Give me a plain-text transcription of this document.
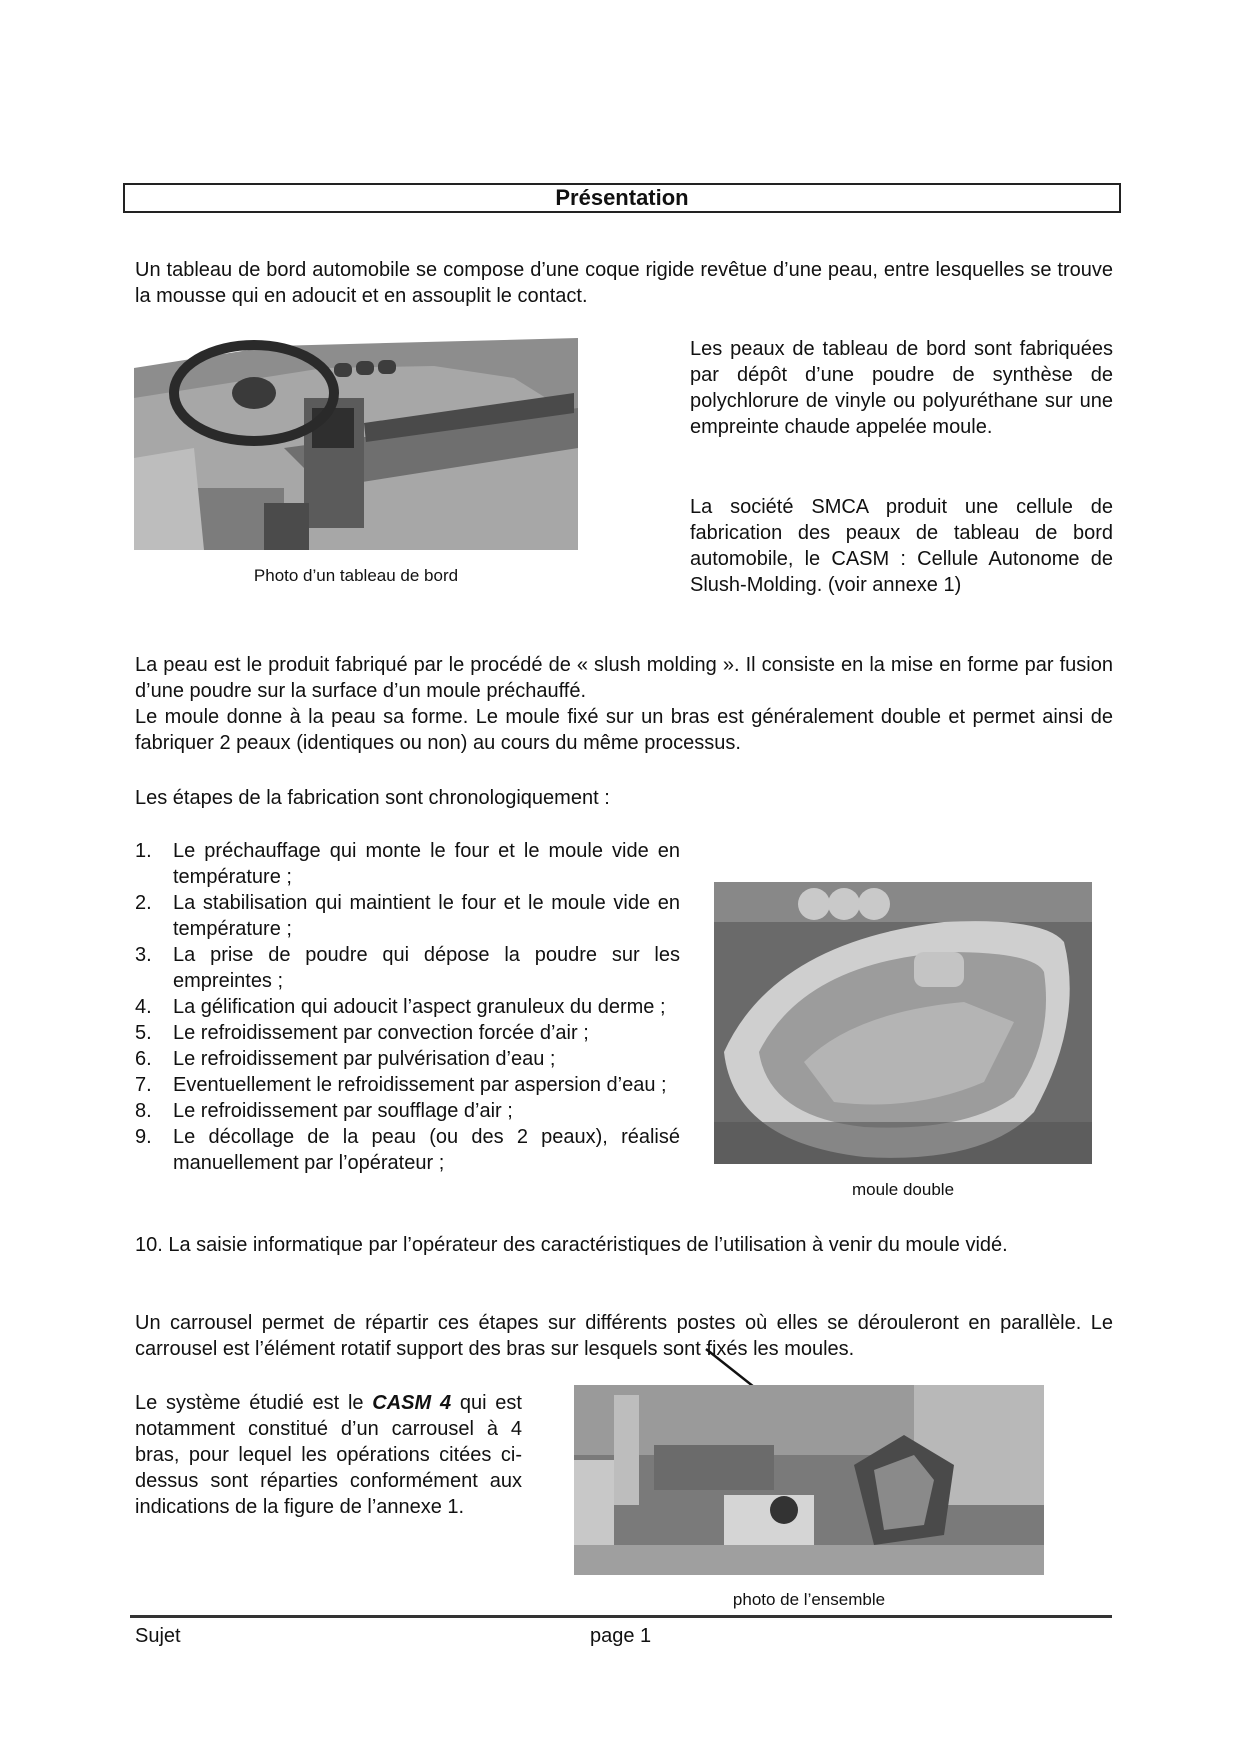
Présentation
Un tableau de bord automobile se compose d’une coque rigide revêtue d’une peau, entre lesquelles se trouve la mousse qui en adoucit et en assouplit le contact.
Photo d’un tableau de bord
Les peaux de tableau de bord sont fabriquées par dépôt d’une poudre de synthèse de polychlorure de vinyle ou polyuréthane sur une empreinte chaude appelée moule.
La société SMCA produit une cellule de fabrication des peaux de tableau de bord automobile, le CASM : Cellule Autonome de Slush-Molding. (voir annexe 1)
La peau est le produit fabriqué par le procédé de « slush molding ». Il consiste en la mise en forme par fusion d’une poudre sur la surface d’un moule préchauffé.
Le moule donne à la peau sa forme. Le moule fixé sur un bras est généralement double et permet ainsi de fabriquer 2 peaux (identiques ou non) au cours du même processus.
Les étapes de la fabrication sont chronologiquement :
1. Le préchauffage qui monte le four et le moule vide en température ;
2. La stabilisation qui maintient le four et le moule vide en température ;
3. La prise de poudre qui dépose la poudre sur les empreintes ;
4. La gélification qui adoucit l’aspect granuleux du derme ;
5. Le refroidissement par convection forcée d’air ;
6. Le refroidissement par pulvérisation d’eau ;
7. Eventuellement le refroidissement par aspersion d’eau ;
8. Le refroidissement par soufflage d’air ;
9. Le décollage de la peau (ou des 2 peaux), réalisé manuellement par l’opérateur ;
10. La saisie informatique par l’opérateur des caractéristiques de l’utilisation à venir du moule vidé.
moule double
Un carrousel permet de répartir ces étapes sur différents postes où elles se dérouleront en parallèle. Le carrousel est l’élément rotatif support des bras sur lesquels sont fixés les moules.
Le système étudié est le CASM 4 qui est notamment constitué d’un carrousel à 4 bras, pour lequel les opérations citées ci-dessus sont réparties conformément aux indications de la figure de l’annexe 1.
photo de l’ensemble
Sujet	page 1
